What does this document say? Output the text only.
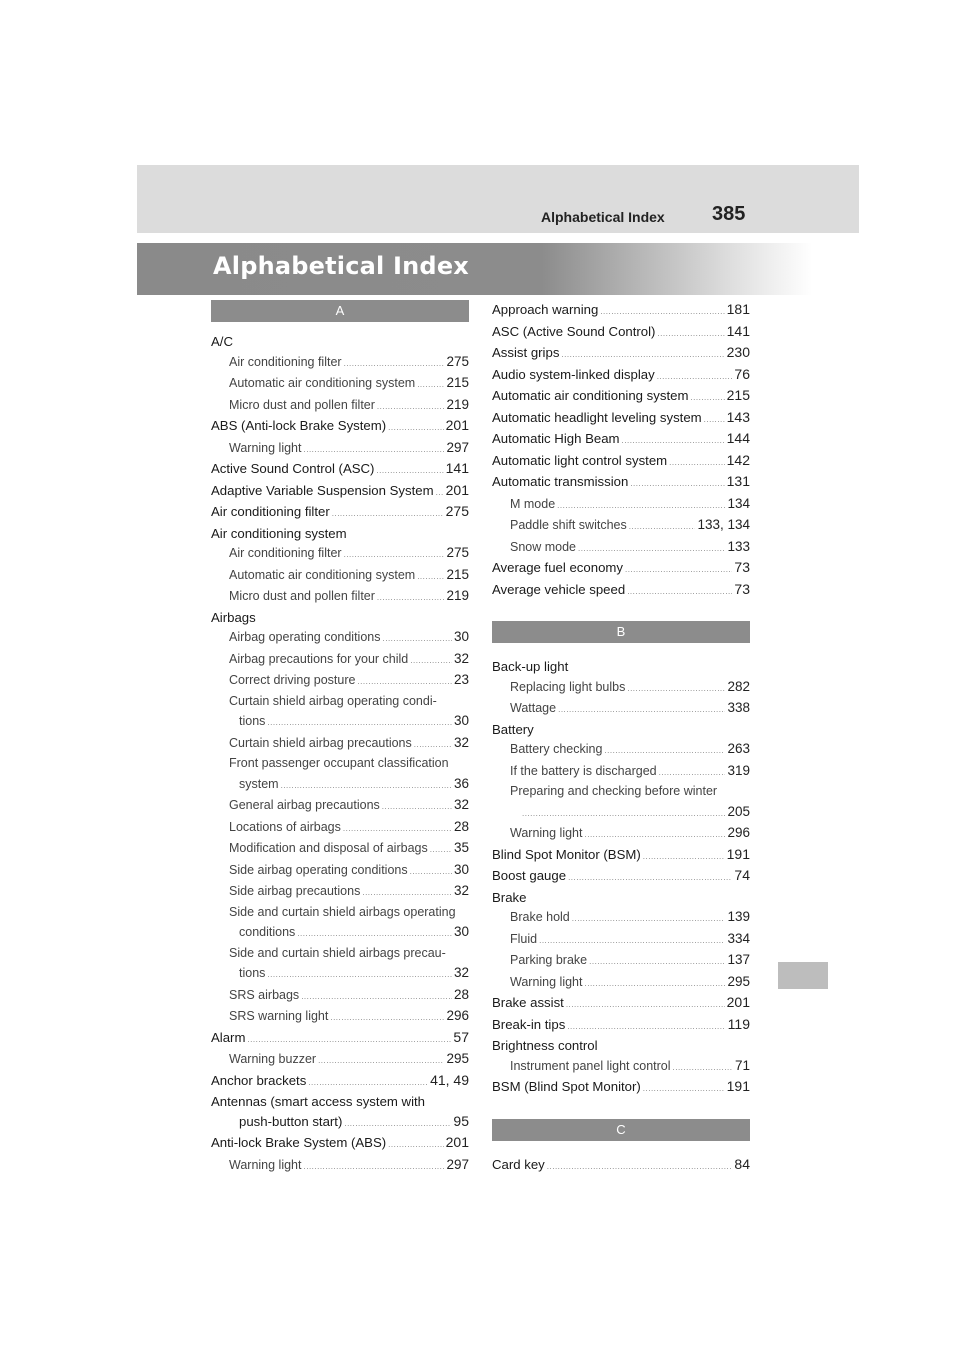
Alphabetical Index 385
Alphabetical Index
A
A/C
Air conditioning filter .....	275
Automatic air conditioning system ..... 215
Micro dust and pollen filter .....	219
ABS (Anti-lock Brake System) .....	201
Warning light .....	297
Active Sound Control (ASC) .....	141
Adaptive Variable Suspension System ..... 201
Air conditioning filter .....	275
Air conditioning system
Air conditioning filter .....	275
Automatic air conditioning system ..... 215
Micro dust and pollen filter .....	219
Airbags
Airbag operating conditions .....	30
Airbag precautions for your child .....	32
Correct driving posture .....	23
Curtain shield airbag operating condi-
tions .....	30
Curtain shield airbag precautions .....	32
Front passenger occupant classification
system .....	36
General airbag precautions .....	32
Locations of airbags .....	28
Modification and disposal of airbags ..... 35
Side airbag operating conditions .....	30
Side airbag precautions .....	32
Side and curtain shield airbags operating
conditions .....	30
Side and curtain shield airbags precau-
tions .....	32
SRS airbags .....	28
SRS warning light .....	296
Alarm .....	57
Warning buzzer .....	295
Anchor brackets .....	41, 49
Antennas (smart access system with
push-button start) .....	95
Anti-lock Brake System (ABS) .....	201
Warning light .....	297
Approach warning .....	181
ASC (Active Sound Control) .....	141
Assist grips .....	230
Audio system-linked display .....	76
Automatic air conditioning system .....	215
Automatic headlight leveling system ..... 143
Automatic High Beam .....	144
Automatic light control system .....	142
Automatic transmission .....	131
M mode .....	134
Paddle shift switches .....	133, 134
Snow mode .....	133
Average fuel economy .....	73
Average vehicle speed .....	73
B
Back-up light
Replacing light bulbs .....	282
Wattage .....	338
Battery
Battery checking .....	263
If the battery is discharged .....	319
Preparing and checking before winter
.....
205
Warning light .....	296
Blind Spot Monitor (BSM) .....	191
Boost gauge .....	74
Brake
Brake hold .....	139
Fluid .....	334
Parking brake .....	137
Warning light .....	295
Brake assist .....	201
Break-in tips .....	119
Brightness control
Instrument panel light control .....	71
BSM (Blind Spot Monitor) .....	191
C
Card key .....	84
